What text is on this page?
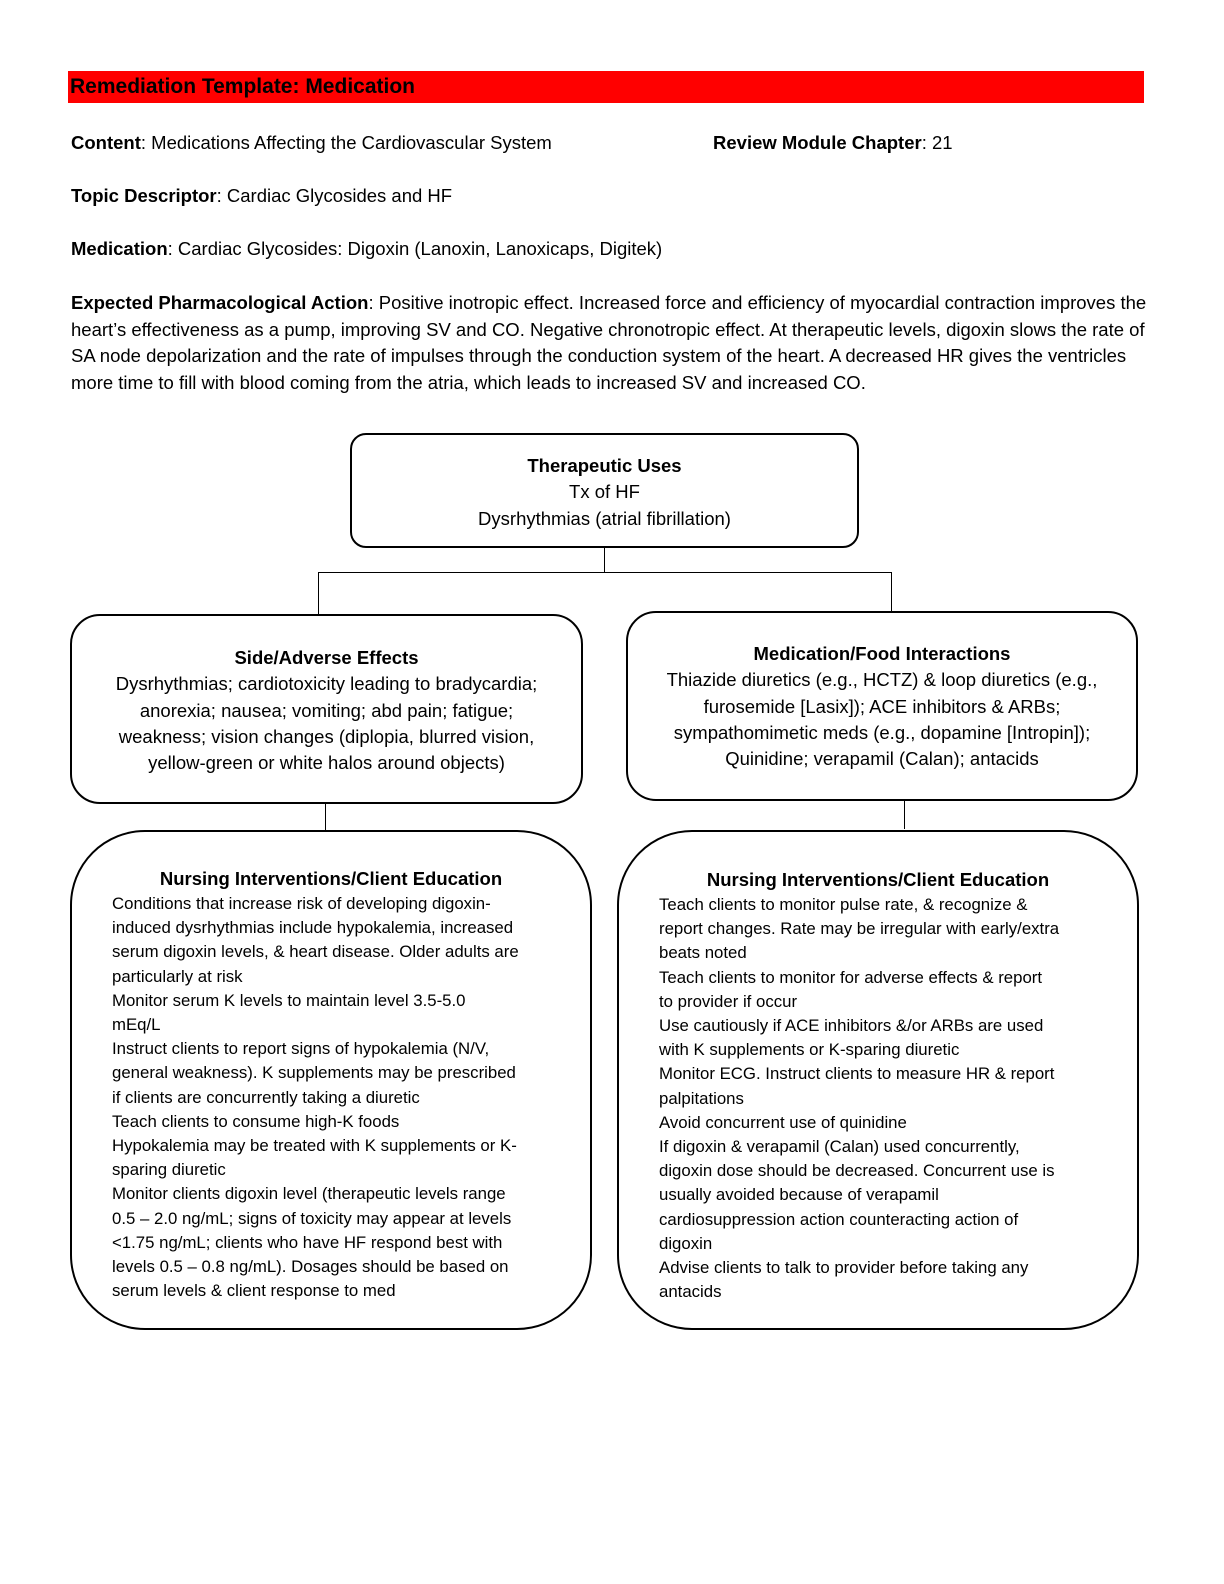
Remediation Template: Medication
Content: Medications Affecting the Cardiovascular System	Review Module Chapter: 21
Topic Descriptor: Cardiac Glycosides and HF
Medication: Cardiac Glycosides: Digoxin (Lanoxin, Lanoxicaps, Digitek)
Expected Pharmacological Action: Positive inotropic effect. Increased force and efficiency of myocardial contraction improves the heart’s effectiveness as a pump, improving SV and CO. Negative chronotropic effect. At therapeutic levels, digoxin slows the rate of SA node depolarization and the rate of impulses through the conduction system of the heart. A decreased HR gives the ventricles more time to fill with blood coming from the atria, which leads to increased SV and increased CO.
Therapeutic Uses
Tx of HF
Dysrhythmias (atrial fibrillation)
Side/Adverse Effects
Dysrhythmias; cardiotoxicity leading to bradycardia;
anorexia; nausea; vomiting; abd pain; fatigue;
weakness; vision changes (diplopia, blurred vision,
yellow-green or white halos around objects)
Medication/Food Interactions
Thiazide diuretics (e.g., HCTZ) & loop diuretics (e.g.,
furosemide [Lasix]); ACE inhibitors & ARBs;
sympathomimetic meds (e.g., dopamine [Intropin]);
Quinidine; verapamil (Calan); antacids
Nursing Interventions/Client Education
Conditions that increase risk of developing digoxin-
induced dysrhythmias include hypokalemia, increased
serum digoxin levels, & heart disease. Older adults are
particularly at risk
Monitor serum K levels to maintain level 3.5-5.0
mEq/L
Instruct clients to report signs of hypokalemia (N/V,
general weakness). K supplements may be prescribed
if clients are concurrently taking a diuretic
Teach clients to consume high-K foods
Hypokalemia may be treated with K supplements or K-
sparing diuretic
Monitor clients digoxin level (therapeutic levels range
0.5 – 2.0 ng/mL; signs of toxicity may appear at levels
<1.75 ng/mL; clients who have HF respond best with
levels 0.5 – 0.8 ng/mL). Dosages should be based on
serum levels & client response to med
Nursing Interventions/Client Education
Teach clients to monitor pulse rate, & recognize &
report changes. Rate may be irregular with early/extra
beats noted
Teach clients to monitor for adverse effects & report
to provider if occur
Use cautiously if ACE inhibitors &/or ARBs are used
with K supplements or K-sparing diuretic
Monitor ECG. Instruct clients to measure HR & report
palpitations
Avoid concurrent use of quinidine
If digoxin & verapamil (Calan) used concurrently,
digoxin dose should be decreased. Concurrent use is
usually avoided because of verapamil
cardiosuppression action counteracting action of
digoxin
Advise clients to talk to provider before taking any
antacids
